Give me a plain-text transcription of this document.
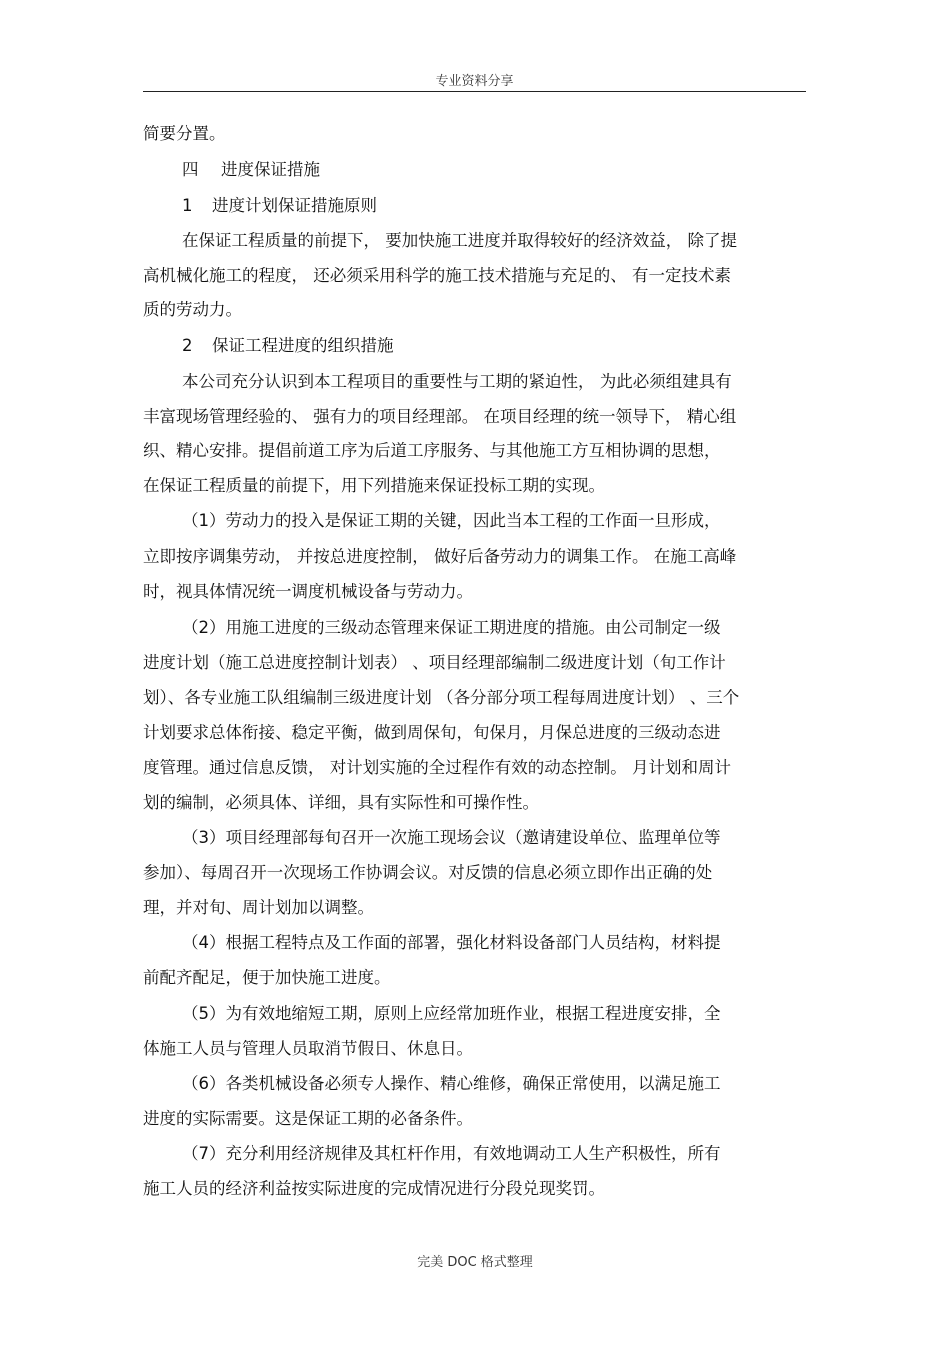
专业资料分享
简要分置。
四 进度保证措施
1 进度计划保证措施原则
在保证工程质量的前提下， 要加快施工进度并取得较好的经济效益， 除了提
高机械化施工的程度， 还必须采用科学的施工技术措施与充足的、 有一定技术素
质的劳动力。
2 保证工程进度的组织措施
本公司充分认识到本工程项目的重要性与工期的紧迫性， 为此必须组建具有
丰富现场管理经验的、 强有力的项目经理部。 在项目经理的统一领导下， 精心组
织、精心安排。提倡前道工序为后道工序服务、与其他施工方互相协调的思想，
在保证工程质量的前提下，用下列措施来保证投标工期的实现。
（1）劳动力的投入是保证工期的关键，因此当本工程的工作面一旦形成，
立即按序调集劳动， 并按总进度控制， 做好后备劳动力的调集工作。 在施工高峰
时，视具体情况统一调度机械设备与劳动力。
（2）用施工进度的三级动态管理来保证工期进度的措施。由公司制定一级
进度计划（施工总进度控制计划表） 、项目经理部编制二级进度计划（旬工作计
划）、各专业施工队组编制三级进度计划 （各分部分项工程每周进度计划） 、三个
计划要求总体衔接、稳定平衡，做到周保旬，旬保月，月保总进度的三级动态进
度管理。通过信息反馈， 对计划实施的全过程作有效的动态控制。 月计划和周计
划的编制，必须具体、详细，具有实际性和可操作性。
（3）项目经理部每旬召开一次施工现场会议（邀请建设单位、监理单位等
参加）、每周召开一次现场工作协调会议。对反馈的信息必须立即作出正确的处
理，并对旬、周计划加以调整。
（4）根据工程特点及工作面的部署，强化材料设备部门人员结构，材料提
前配齐配足，便于加快施工进度。
（5）为有效地缩短工期，原则上应经常加班作业，根据工程进度安排，全
体施工人员与管理人员取消节假日、休息日。
（6）各类机械设备必须专人操作、精心维修，确保正常使用，以满足施工
进度的实际需要。这是保证工期的必备条件。
（7）充分利用经济规律及其杠杆作用，有效地调动工人生产积极性，所有
施工人员的经济利益按实际进度的完成情况进行分段兑现奖罚。
完美 DOC 格式整理
